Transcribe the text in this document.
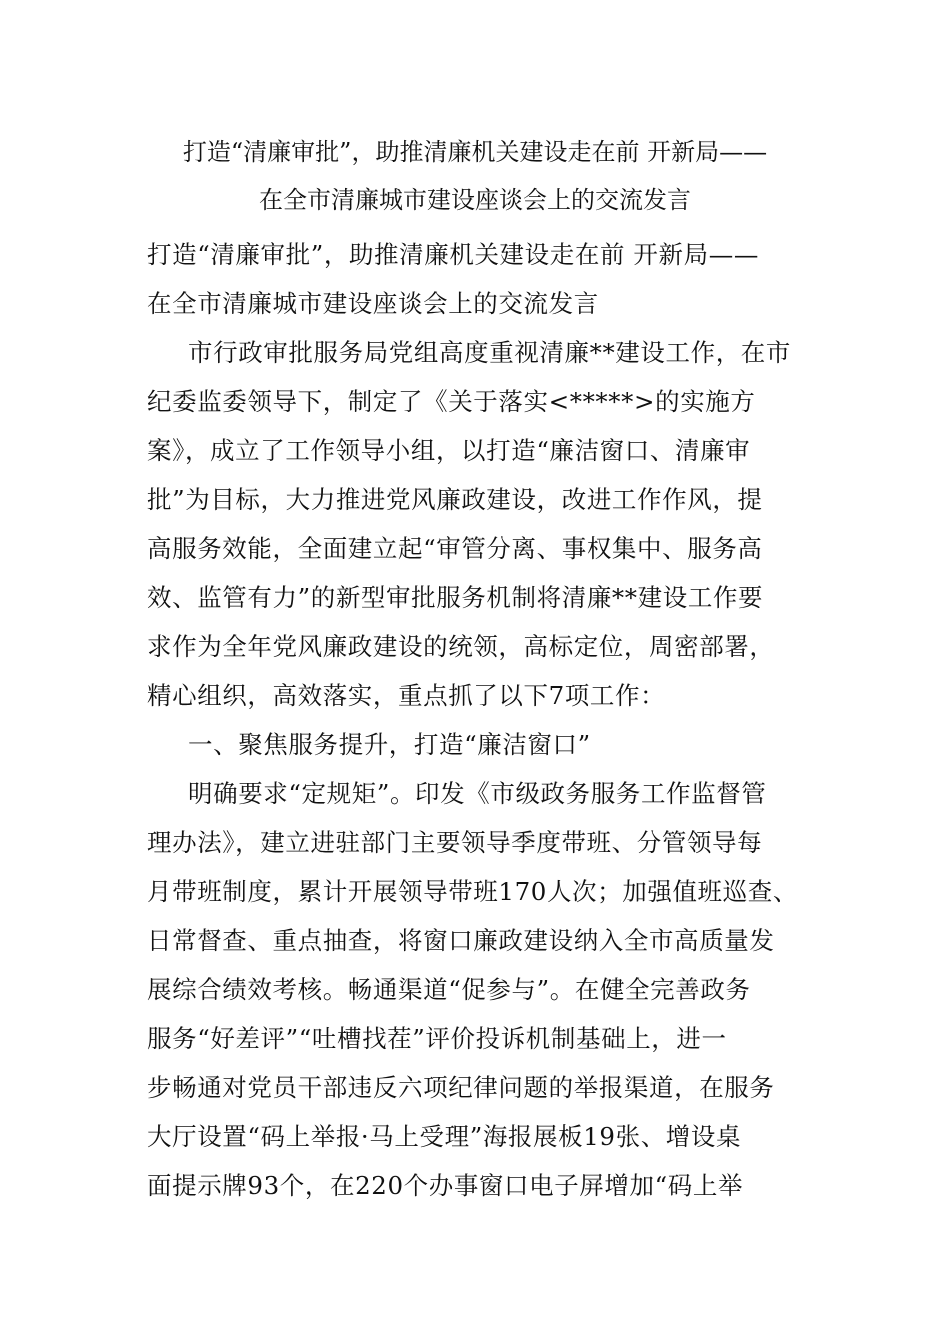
打造“清廉审批”，助推清廉机关建设走在前 开新局——
在全市清廉城市建设座谈会上的交流发言
打造“清廉审批”，助推清廉机关建设走在前 开新局——
在全市清廉城市建设座谈会上的交流发言
市行政审批服务局党组高度重视清廉**建设工作，在市
纪委监委领导下，制定了《关于落实<*****>的实施方
案》，成立了工作领导小组，以打造“廉洁窗口、清廉审
批”为目标，大力推进党风廉政建设，改进工作作风，提
高服务效能，全面建立起“审管分离、事权集中、服务高
效、监管有力”的新型审批服务机制将清廉**建设工作要
求作为全年党风廉政建设的统领，高标定位，周密部署，
精心组织，高效落实，重点抓了以下7项工作：
一、聚焦服务提升，打造“廉洁窗口”
明确要求“定规矩”。印发《市级政务服务工作监督管
理办法》，建立进驻部门主要领导季度带班、分管领导每
月带班制度，累计开展领导带班170人次；加强值班巡查、
日常督查、重点抽查，将窗口廉政建设纳入全市高质量发
展综合绩效考核。畅通渠道“促参与”。在健全完善政务
服务“好差评”“吐槽找茬”评价投诉机制基础上，进一
步畅通对党员干部违反六项纪律问题的举报渠道，在服务
大厅设置“码上举报·马上受理”海报展板19张、增设桌
面提示牌93个，在220个办事窗口电子屏增加“码上举
